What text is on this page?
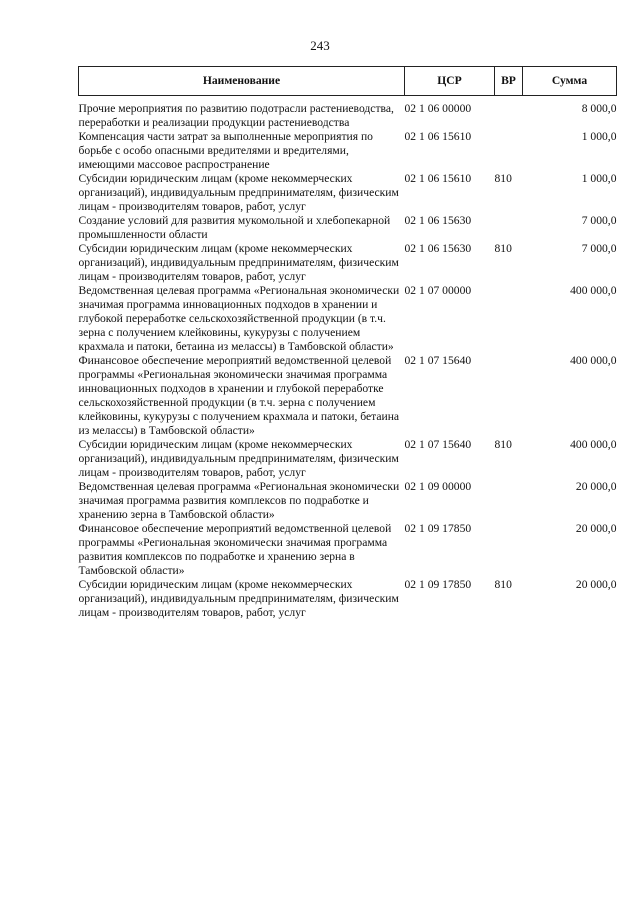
243
Наименование	ЦСР	ВР	Сумма
Прочие мероприятия по развитию подотрасли растениеводства, переработки и реализации продукции растениеводства	02 1 06 00000		8 000,0
Компенсация части затрат за выполненные мероприятия по борьбе с особо опасными вредителями и вредителями, имеющими массовое распространение	02 1 06 15610		1 000,0
Субсидии юридическим лицам (кроме некоммерческих организаций), индивидуальным предпринимателям, физическим лицам - производителям товаров, работ, услуг	02 1 06 15610	810	1 000,0
Создание условий для развития мукомольной и хлебопекарной промышленности области	02 1 06 15630		7 000,0
Субсидии юридическим лицам (кроме некоммерческих организаций), индивидуальным предпринимателям, физическим лицам - производителям товаров, работ, услуг	02 1 06 15630	810	7 000,0
Ведомственная целевая программа «Региональная экономически значимая программа инновационных подходов в хранении и глубокой переработке сельскохозяйственной продукции (в т.ч. зерна с получением клейковины, кукурузы с получением крахмала и патоки, бетаина из мелассы) в Тамбовской области»	02 1 07 00000		400 000,0
Финансовое обеспечение мероприятий ведомственной целевой программы «Региональная экономически значимая программа инновационных подходов в хранении и глубокой переработке сельскохозяйственной продукции (в т.ч. зерна с получением клейковины, кукурузы с получением крахмала и патоки, бетаина из мелассы) в Тамбовской области»	02 1 07 15640		400 000,0
Субсидии юридическим лицам (кроме некоммерческих организаций), индивидуальным предпринимателям, физическим лицам - производителям товаров, работ, услуг	02 1 07 15640	810	400 000,0
Ведомственная целевая программа «Региональная экономически значимая программа развития комплексов по подработке и хранению зерна в Тамбовской области»	02 1 09 00000		20 000,0
Финансовое обеспечение мероприятий ведомственной целевой программы «Региональная экономически значимая программа развития комплексов по подработке и хранению зерна в Тамбовской области»	02 1 09 17850		20 000,0
Субсидии юридическим лицам (кроме некоммерческих организаций), индивидуальным предпринимателям, физическим лицам - производителям товаров, работ, услуг	02 1 09 17850	810	20 000,0
